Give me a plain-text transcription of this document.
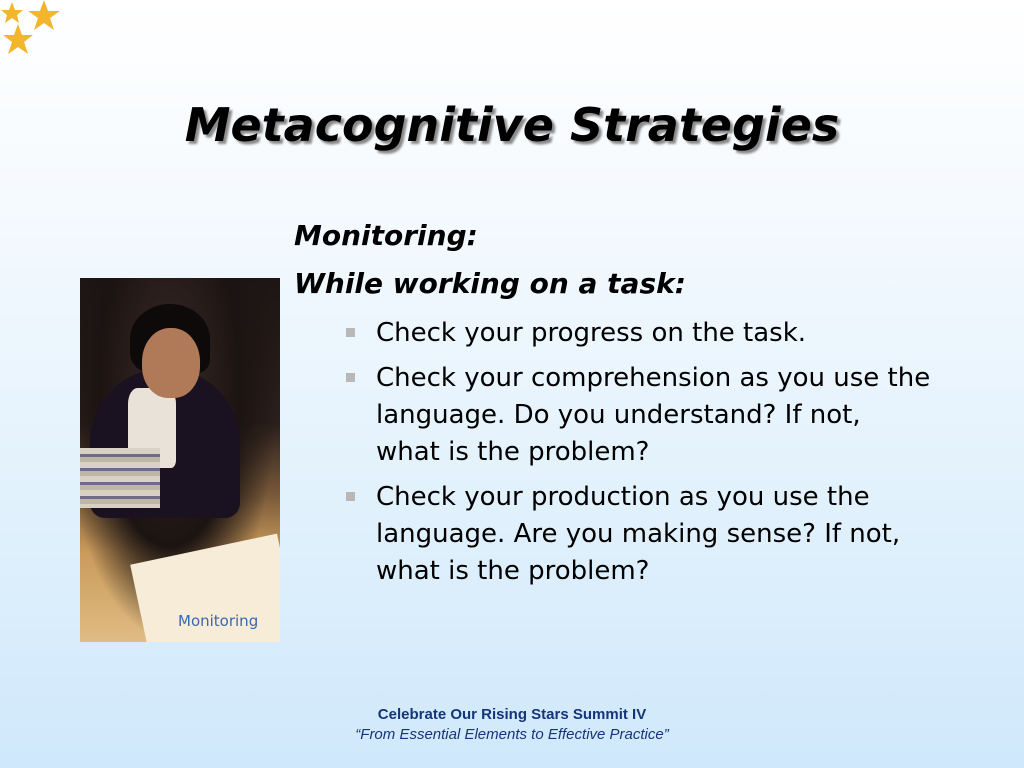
Metacognitive Strategies
Monitoring
Monitoring:
While working on a task:
Check your progress on the task.
Check your comprehension as you use the language. Do you understand? If not, what is the problem?
Check your production as you use the language. Are you making sense? If not, what is the problem?
Celebrate Our Rising Stars Summit IV
“From Essential Elements to Effective Practice”
